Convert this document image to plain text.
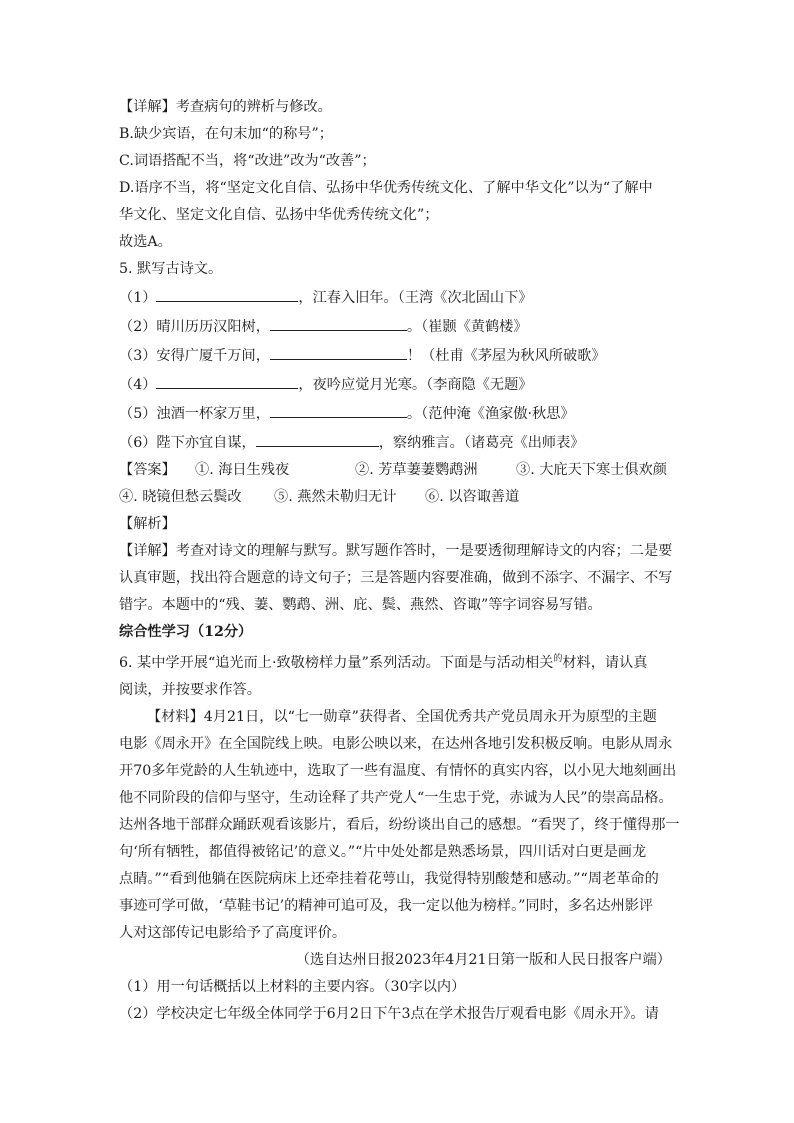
【详解】考查病句的辨析与修改。

B.缺少宾语，在句末加“的称号”；

C.词语搭配不当，将“改进”改为“改善”；

D.语序不当，将“坚定文化自信、弘扬中华优秀传统文化、了解中华文化”以为“了解中

华文化、坚定文化自信、弘扬中华优秀传统文化”；

故选A。

5. 默写古诗文。

（1）	，江春入旧年。（王湾《次北固山下》

（2）晴川历历汉阳树，	。（崔颢《黄鹤楼》

（3）安得广厦千万间，	！（杜甫《茅屋为秋风所破歌》

（4）	，夜吟应觉月光寒。（李商隐《无题》

（5）浊酒一杯家万里，	。（范仲淹《渔家傲·秋思》

（6）陛下亦宜自谋，	，察纳雅言。（诸葛亮《出师表》

【答案】	①. 海日生残夜	②. 芳草萋萋鹦鹉洲	③. 大庇天下寒士俱欢颜

④. 晓镜但愁云鬓改	⑤. 燕然未勒归无计	⑥. 以咨诹善道

【解析】

【详解】考查对诗文的理解与默写。默写题作答时，一是要透彻理解诗文的内容；二是要

认真审题，找出符合题意的诗文句子；三是答题内容要准确，做到不添字、不漏字、不写

错字。本题中的“残、萋、鹦鹉、洲、庇、鬓、燕然、咨诹”等字词容易写错。

综合性学习（12分）

6. 某中学开展“追光而上·致敬榜样力量”系列活动。下面是与活动相关$^的$材料，请认真

阅读，并按要求作答。

【材料】4月21日，以“七一勋章”获得者、全国优秀共产党员周永开为原型的主题

电影《周永开》在全国院线上映。电影公映以来，在达州各地引发积极反响。电影从周永

开70多年党龄的人生轨迹中，选取了一些有温度、有情怀的真实内容，以小见大地刻画出

他不同阶段的信仰与坚守，生动诠释了共产党人“一生忠于党，赤诚为人民”的崇高品格。

达州各地干部群众踊跃观看该影片，看后，纷纷谈出自己的感想。“看哭了，终于懂得那一

句‘所有牺牲，都值得被铭记’的意义。”“片中处处都是熟悉场景，四川话对白更是画龙

点睛。”“看到他躺在医院病床上还牵挂着花萼山，我觉得特别酸楚和感动。”“周老革命的

事迹可学可做，‘草鞋书记’的精神可追可及，我一定以他为榜样。”同时，多名达州影评

人对这部传记电影给予了高度评价。

（选自达州日报2023年4月21日第一版和人民日报客户端）

（1）用一句话概括以上材料的主要内容。（30字以内）

（2）学校决定七年级全体同学于6月2日下午3点在学术报告厅观看电影《周永开》。请
